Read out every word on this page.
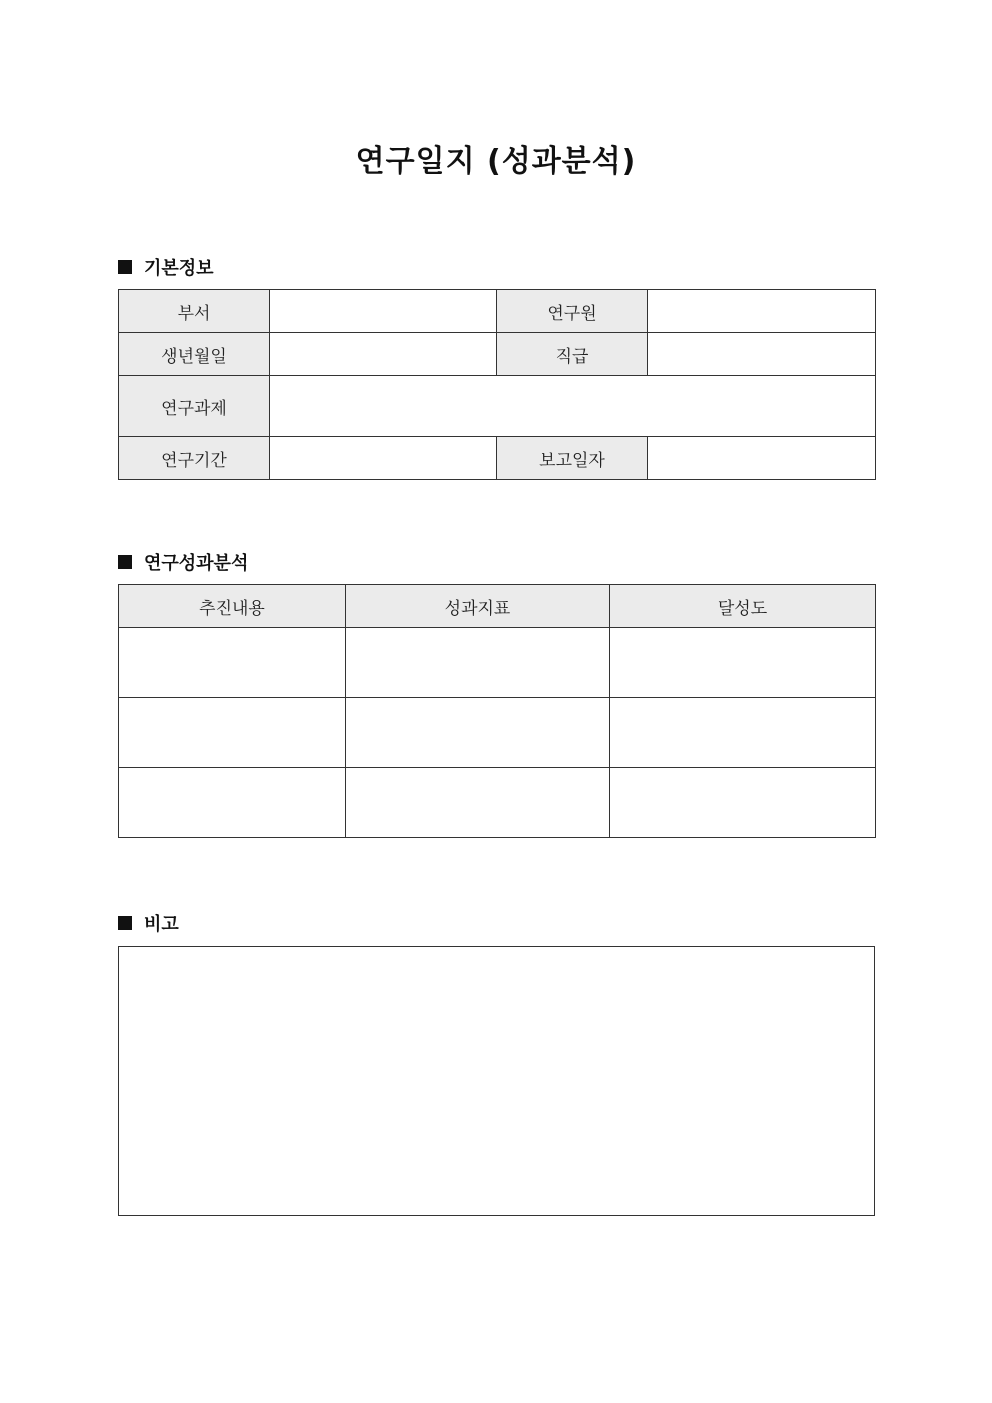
연구일지 (성과분석)
기본정보
부서		연구원	
생년월일		직급	
연구과제			
연구기간		보고일자	
연구성과분석
추진내용	성과지표	달성도

비고
